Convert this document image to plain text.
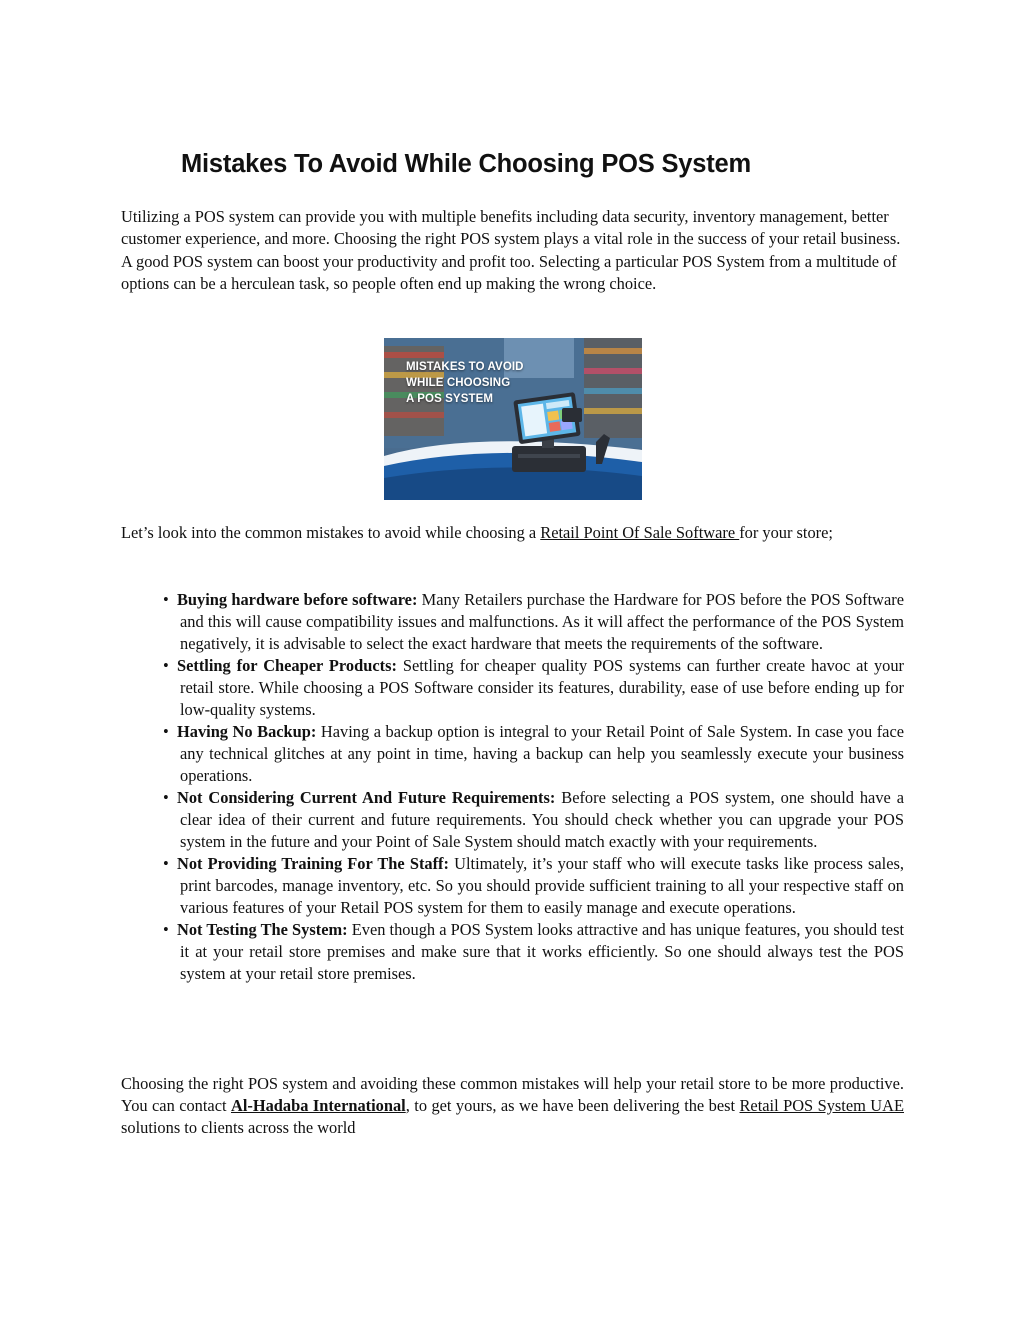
Mistakes To Avoid While Choosing POS System

Utilizing a POS system can provide you with multiple benefits including data security, inventory management, better customer experience, and more. Choosing the right POS system plays a vital role in the success of your retail business. A good POS system can boost your productivity and profit too. Selecting a particular POS System from a multitude of options can be a herculean task, so people often end up making the wrong choice.

MISTAKES TO AVOID
WHILE CHOOSING
A POS SYSTEM

Let’s look into the common mistakes to avoid while choosing a Retail Point Of Sale Software for your store;

• Buying hardware before software: Many Retailers purchase the Hardware for POS before the POS Software and this will cause compatibility issues and malfunctions. As it will affect the performance of the POS System negatively, it is advisable to select the exact hardware that meets the requirements of the software.
• Settling for Cheaper Products: Settling for cheaper quality POS systems can further create havoc at your retail store. While choosing a POS Software consider its features, durability, ease of use before ending up for low-quality systems.
• Having No Backup: Having a backup option is integral to your Retail Point of Sale System. In case you face any technical glitches at any point in time, having a backup can help you seamlessly execute your business operations.
• Not Considering Current And Future Requirements: Before selecting a POS system, one should have a clear idea of their current and future requirements. You should check whether you can upgrade your POS system in the future and your Point of Sale System should match exactly with your requirements.
• Not Providing Training For The Staff: Ultimately, it’s your staff who will execute tasks like process sales, print barcodes, manage inventory, etc. So you should provide sufficient training to all your respective staff on various features of your Retail POS system for them to easily manage and execute operations.
• Not Testing The System: Even though a POS System looks attractive and has unique features, you should test it at your retail store premises and make sure that it works efficiently. So one should always test the POS system at your retail store premises.

Choosing the right POS system and avoiding these common mistakes will help your retail store to be more productive. You can contact Al-Hadaba International, to get yours, as we have been delivering the best Retail POS System UAE solutions to clients across the world
